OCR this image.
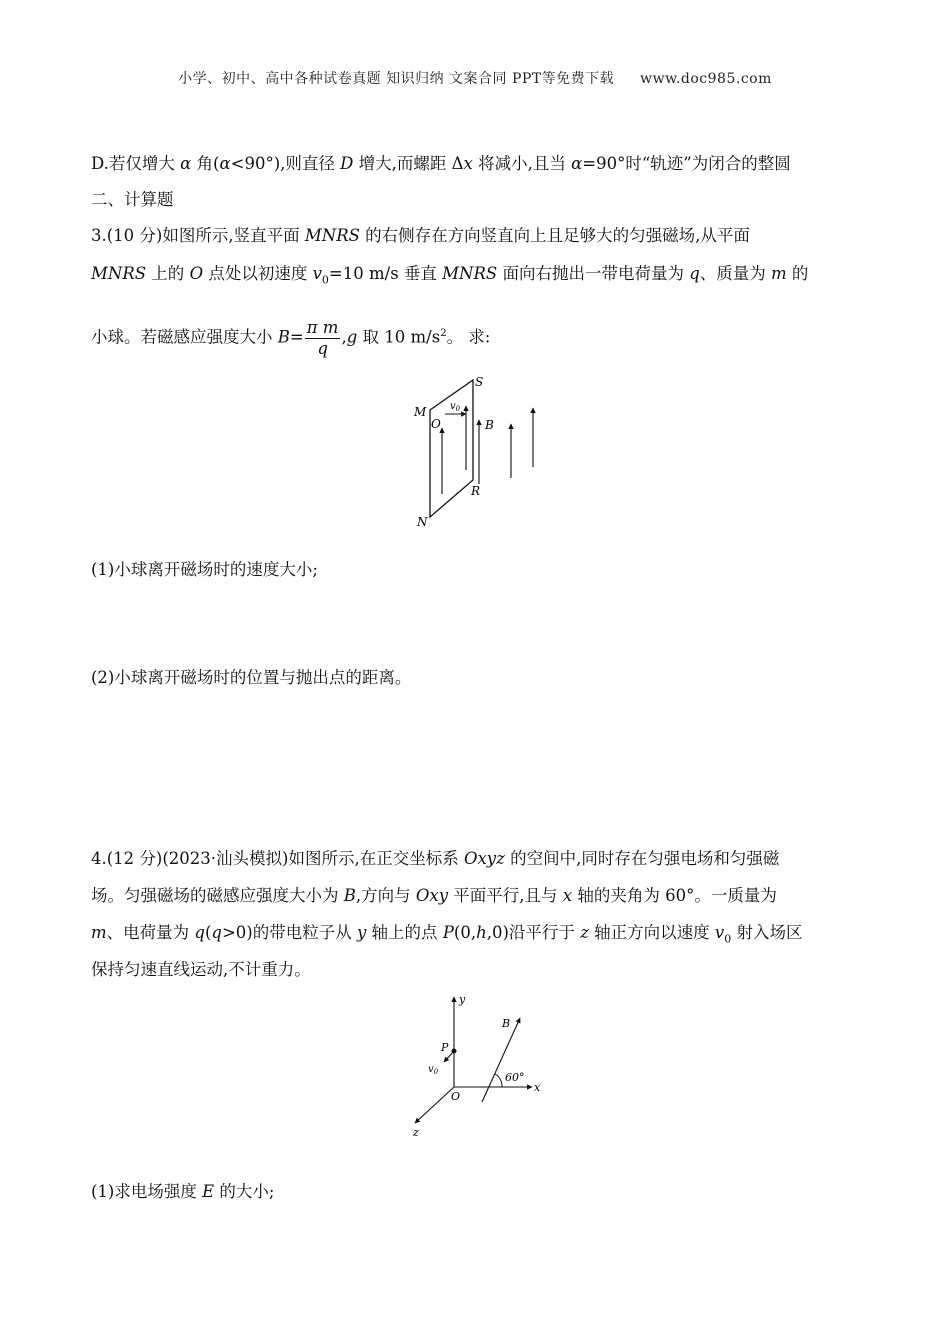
小学、初中、高中各种试卷真题 知识归纳 文案合同 PPT等免费下载 www.doc985.com
D.若仅增大 α 角(α<90°),则直径 D 增大,而螺距 Δx 将减小,且当 α=90°时“轨迹”为闭合的整圆
二、计算题
3.(10 分)如图所示,竖直平面 MNRS 的右侧存在方向竖直向上且足够大的匀强磁场,从平面
MNRS 上的 O 点处以初速度 $v_0=10$ m/s 垂直 MNRS 面向右抛出一带电荷量为 q、质量为 m 的
小球。若磁感应强度大小 $B= \frac{\text{π m}}{q} ,g$ 取 10 $m/s^2$。 求:
S
M
O
$v_0$
B
R
N
(1)小球离开磁场时的速度大小;
(2)小球离开磁场时的位置与抛出点的距离。
4.(12 分)(2023·汕头模拟)如图所示,在正交坐标系 Oxyz 的空间中,同时存在匀强电场和匀强磁
场。匀强磁场的磁感应强度大小为 B,方向与 Oxy 平面平行,且与 x 轴的夹角为 60°。一质量为
m、电荷量为 q(q>0)的带电粒子从 y 轴上的点 P(0,h,0)沿平行于 z 轴正方向以速度 $v_0$ 射入场区
保持匀速直线运动,不计重力。
y
B
P
$v_0$	60°
x
O
z
(1)求电场强度 E 的大小;
